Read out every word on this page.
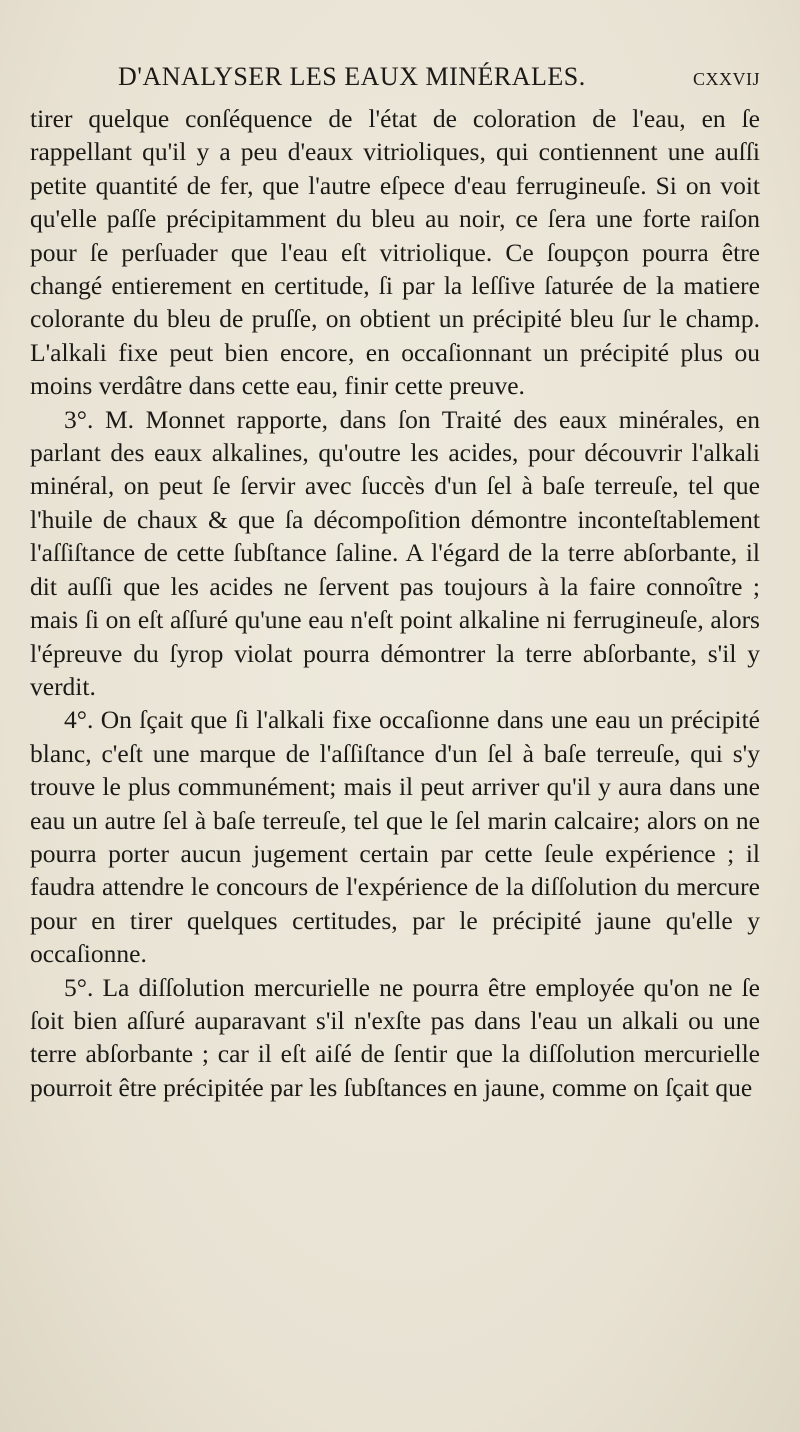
D'ANALYSER LES EAUX MINÉRALES.	cxxvij

tirer quelque conſéquence de l'état de coloration de l'eau, en ſe rappellant qu'il y a peu d'eaux vitrioliques, qui contiennent une auſſi petite quantité de fer, que l'autre eſpece d'eau ferrugineuſe. Si on voit qu'elle paſſe précipitamment du bleu au noir, ce ſera une forte raiſon pour ſe perſuader que l'eau eſt vitriolique. Ce ſoupçon pourra être changé entierement en certitude, ſi par la leſſive ſaturée de la matiere colorante du bleu de pruſſe, on obtient un précipité bleu ſur le champ. L'alkali fixe peut bien encore, en occaſionnant un précipité plus ou moins verdâtre dans cette eau, finir cette preuve.

3°. M. Monnet rapporte, dans ſon Traité des eaux minérales, en parlant des eaux alkalines, qu'outre les acides, pour découvrir l'alkali minéral, on peut ſe ſervir avec ſuccès d'un ſel à baſe terreuſe, tel que l'huile de chaux & que ſa décompoſition démontre inconteſtablement l'aſſiſtance de cette ſubſtance ſaline. A l'égard de la terre abſorbante, il dit auſſi que les acides ne ſervent pas toujours à la faire connoître ; mais ſi on eſt aſſuré qu'une eau n'eſt point alkaline ni ferrugineuſe, alors l'épreuve du ſyrop violat pourra démontrer la terre abſorbante, s'il y verdit.

4°. On ſçait que ſi l'alkali fixe occaſionne dans une eau un précipité blanc, c'eſt une marque de l'aſſiſtance d'un ſel à baſe terreuſe, qui s'y trouve le plus communément; mais il peut arriver qu'il y aura dans une eau un autre ſel à baſe terreuſe, tel que le ſel marin calcaire; alors on ne pourra porter aucun jugement certain par cette ſeule expérience ; il faudra attendre le concours de l'expérience de la diſſolution du mercure pour en tirer quelques certitudes, par le précipité jaune qu'elle y occaſionne.

5°. La diſſolution mercurielle ne pourra être employée qu'on ne ſe ſoit bien aſſuré auparavant s'il n'exſte pas dans l'eau un alkali ou une terre abſorbante ; car il eſt aiſé de ſentir que la diſſolution mercurielle pourroit être précipitée par les ſubſtances en jaune, comme on ſçait que
